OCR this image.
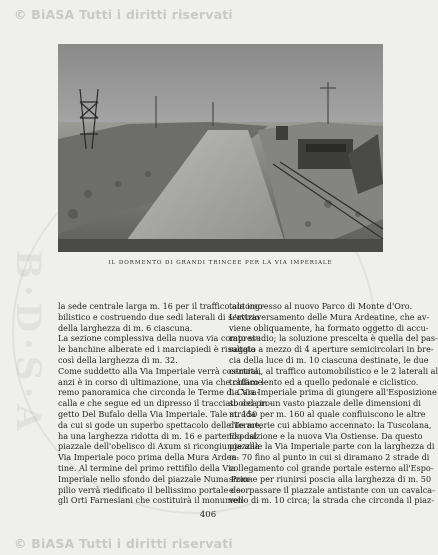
© BiASA Tutti i diritti riservati
B·D·S·A	IL DORMENTO DI GRANDI TRINCEE PER LA VIA IMPERIALE
la sede centrale larga m. 16 per il traffico automo-
bilistico e costruendo due sedi laterali di servizio
della larghezza di m. 6 ciascuna.
La sezione complessiva della nuova via comprese
le banchine alberate ed i marciapiedi è risultata
così della larghezza di m. 32.
Come suddetto alla Via Imperiale verrà costruita,
anzi è in corso di ultimazione, una via che chiame-
remo panoramica che circonda le Terme di Cara-
calla e che segue ed un dipresso il tracciato del pro-
getto Del Bufalo della Via Imperiale. Tale strada
da cui si gode un superbo spettacolo delle Terme,
ha una larghezza ridotta di m. 16 e partendo dal
piazzale dell'obelisco di Axum si ricongiunge alla
Via Imperiale poco prima della Mura Ardea-
tine. Al termine del primo rettifilo della Via
Imperiale nello sfondo del piazzale Numa Pom-
pilio verrà riedificato il bellissimo portale de-
gli Orti Farnesiani che costituirà il monumen-
tale ingresso al nuovo Parco di Monte d'Oro.
L'attraversamento delle Mura Ardeatine, che av-
viene obliquamente, ha formato oggetto di accu-
rato studio; la soluzione prescelta è quella del pas-
saggio a mezzo di 4 aperture semicircolari in bre-
cia della luce di m. 10 ciascuna destinate, le due
centrali, al traffico automobilistico e le 2 laterali al
traffico lento ed a quello pedonale e ciclistico.
La Via Imperiale prima di giungere all'Esposizione
sbocca in un vasto piazzale delle dimensioni di
m. 150 per m. 160 al quale confluiscono le altre
due arterie cui abbiamo accennato: la Tuscolana,
Esposizione e la nuova Via Ostiense. Da questo
piazzale la Via Imperiale parte con la larghezza di
m. 70 fino al punto in cui si diramano 2 strade di
collegamento col grande portale esterno all'Espo-
sizione per riunirsi poscia alla larghezza di m. 50
e sorpassare il piazzale antistante con un cavalca-
vello di m. 10 circa; la strada che circonda il piaz-
406
© BiASA Tutti i diritti riservati
